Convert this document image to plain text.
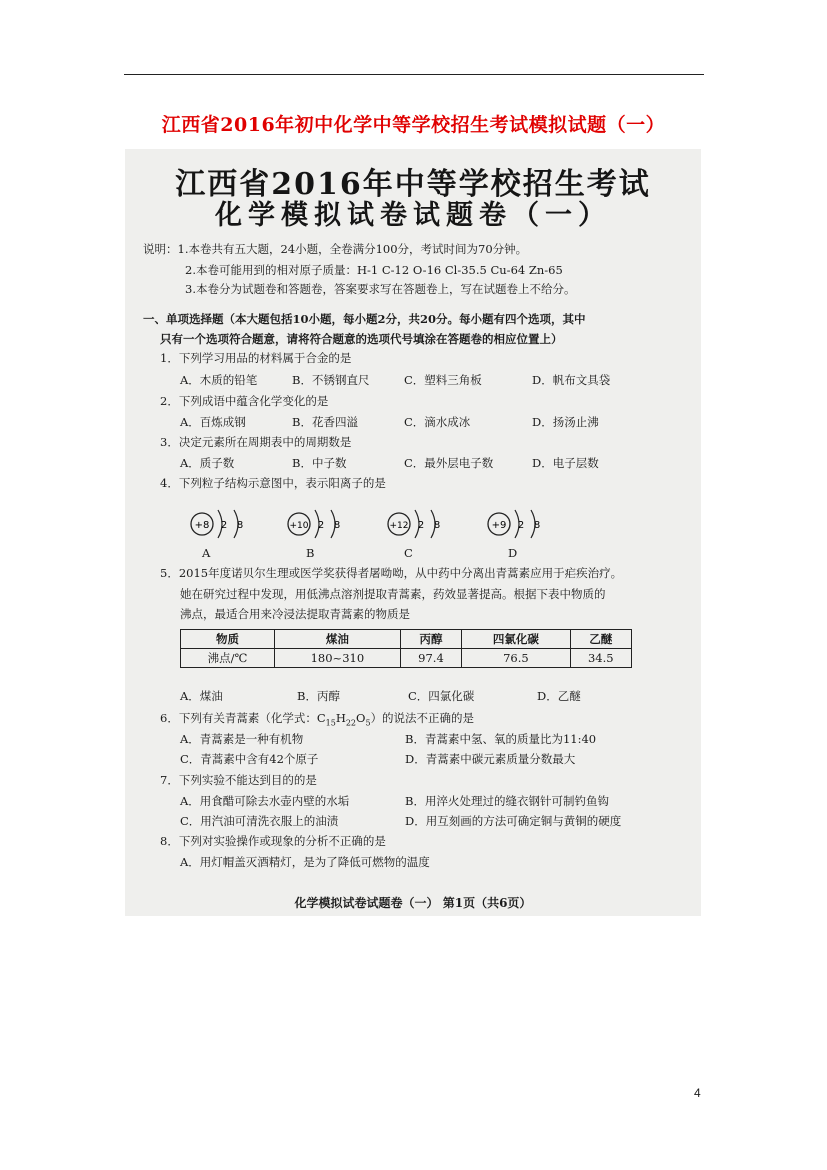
江西省2016年初中化学中等学校招生考试模拟试题（一）
江西省2016年中等学校招生考试
化学模拟试卷试题卷（一）
说明：1.本卷共有五大题，24小题，全卷满分100分，考试时间为70分钟。
2.本卷可能用到的相对原子质量：H-1 C-12 O-16 Cl-35.5 Cu-64 Zn-65
3.本卷分为试题卷和答题卷，答案要求写在答题卷上，写在试题卷上不给分。
一、单项选择题（本大题包括10小题，每小题2分，共20分。每小题有四个选项，其中
只有一个选项符合题意，请将符合题意的选项代号填涂在答题卷的相应位置上）
1．下列学习用品的材料属于合金的是
A．木质的铅笔	B．不锈钢直尺	C．塑料三角板	D．帆布文具袋
2．下列成语中蕴含化学变化的是
A．百炼成钢	B．花香四溢	C．滴水成冰	D．扬汤止沸
3．决定元素所在周期表中的周期数是
A．质子数	B．中子数	C．最外层电子数	D．电子层数
4．下列粒子结构示意图中，表示阳离子的是
+8 2 8
A
+10 2 8
B
+12 2 8
C
+9 2 8
D
5．2015年度诺贝尔生理或医学奖获得者屠呦呦，从中药中分离出青蒿素应用于疟疾治疗。
她在研究过程中发现，用低沸点溶剂提取青蒿素，药效显著提高。根据下表中物质的
沸点，最适合用来冷浸法提取青蒿素的物质是
物质	煤油	丙醇	四氯化碳	乙醚
沸点/℃	180~310	97.4	76.5	34.5
A．煤油	B．丙醇	C．四氯化碳	D．乙醚
6．下列有关青蒿素（化学式：$C_{15}H_{22}O_5$）的说法不正确的是
A．青蒿素是一种有机物	B．青蒿素中氢、氧的质量比为11:40
C．青蒿素中含有42个原子	D．青蒿素中碳元素质量分数最大
7．下列实验不能达到目的的是
A．用食醋可除去水壶内壁的水垢	B．用淬火处理过的缝衣钢针可制钓鱼钩
C．用汽油可清洗衣服上的油渍	D．用互刻画的方法可确定铜与黄铜的硬度
8．下列对实验操作或现象的分析不正确的是
A．用灯帽盖灭酒精灯，是为了降低可燃物的温度
化学模拟试卷试题卷（一） 第1页（共6页）
4
